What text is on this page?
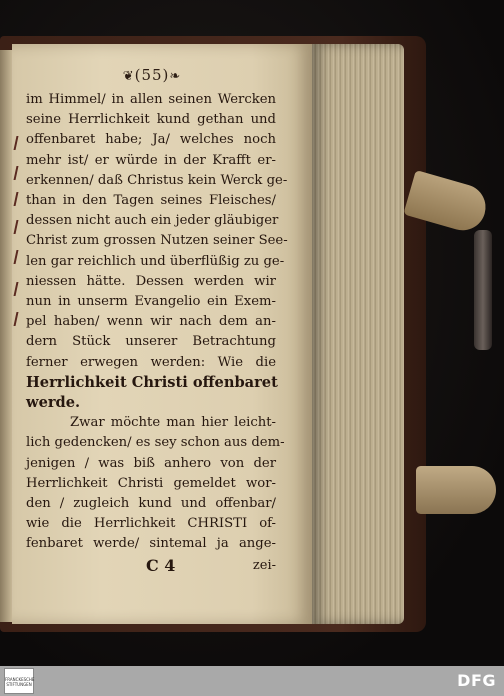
❦(55)❧
im Himmel/ in allen seinen Wercken
seine Herrlichkeit kund gethan und
offenbaret habe; Ja/ welches noch
mehr ist/ er würde in der Krafft er-
erkennen/ daß Christus kein Werck ge-
than in den Tagen seines Fleisches/
dessen nicht auch ein jeder gläubiger
Christ zum grossen Nutzen seiner See-
len gar reichlich und überflüßig zu ge-
niessen hätte. Dessen werden wir
nun in unserm Evangelio ein Exem-
pel haben/ wenn wir nach dem an-
dern Stück unserer Betrachtung
ferner erwegen werden: Wie die
Herrlichkeit Christi offenbaret
werde.
Zwar möchte man hier leicht-
lich gedencken/ es sey schon aus dem-
jenigen / was biß anhero von der
Herrlichkeit Christi gemeldet wor-
den / zugleich kund und offenbar/
wie die Herrlichkeit CHRISTI of-
fenbaret werde/ sintemal ja ange-
C 4	zei-
FRANCKESCHE STIFTUNGEN	DFG
